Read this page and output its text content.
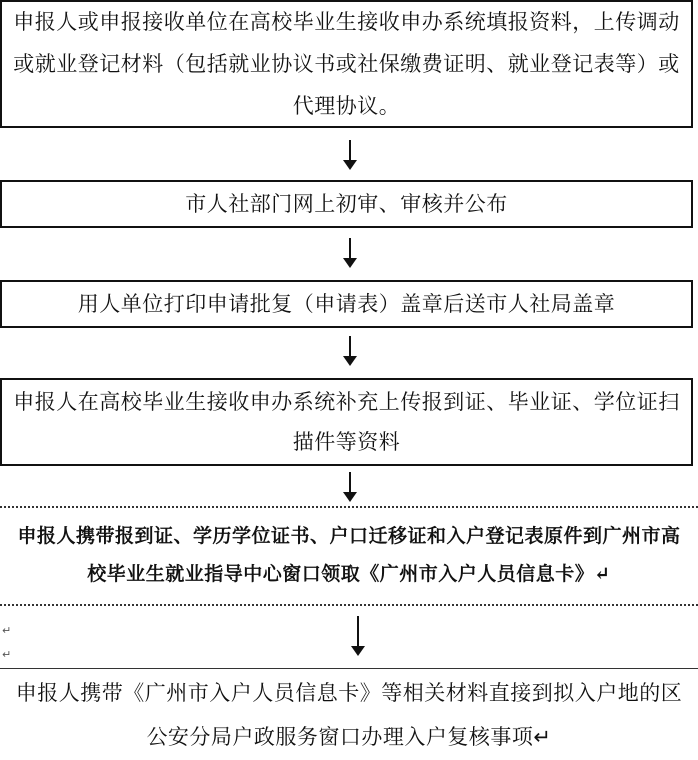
申报人或申报接收单位在高校毕业生接收申办系统填报资料，上传调动或就业登记材料（包括就业协议书或社保缴费证明、就业登记表等）或代理协议。
市人社部门网上初审、审核并公布
用人单位打印申请批复（申请表）盖章后送市人社局盖章
申报人在高校毕业生接收申办系统补充上传报到证、毕业证、学位证扫描件等资料
申报人携带报到证、学历学位证书、户口迁移证和入户登记表原件到广州市高校毕业生就业指导中心窗口领取《广州市入户人员信息卡》↵
↵
↵
申报人携带《广州市入户人员信息卡》等相关材料直接到拟入户地的区公安分局户政服务窗口办理入户复核事项↵
